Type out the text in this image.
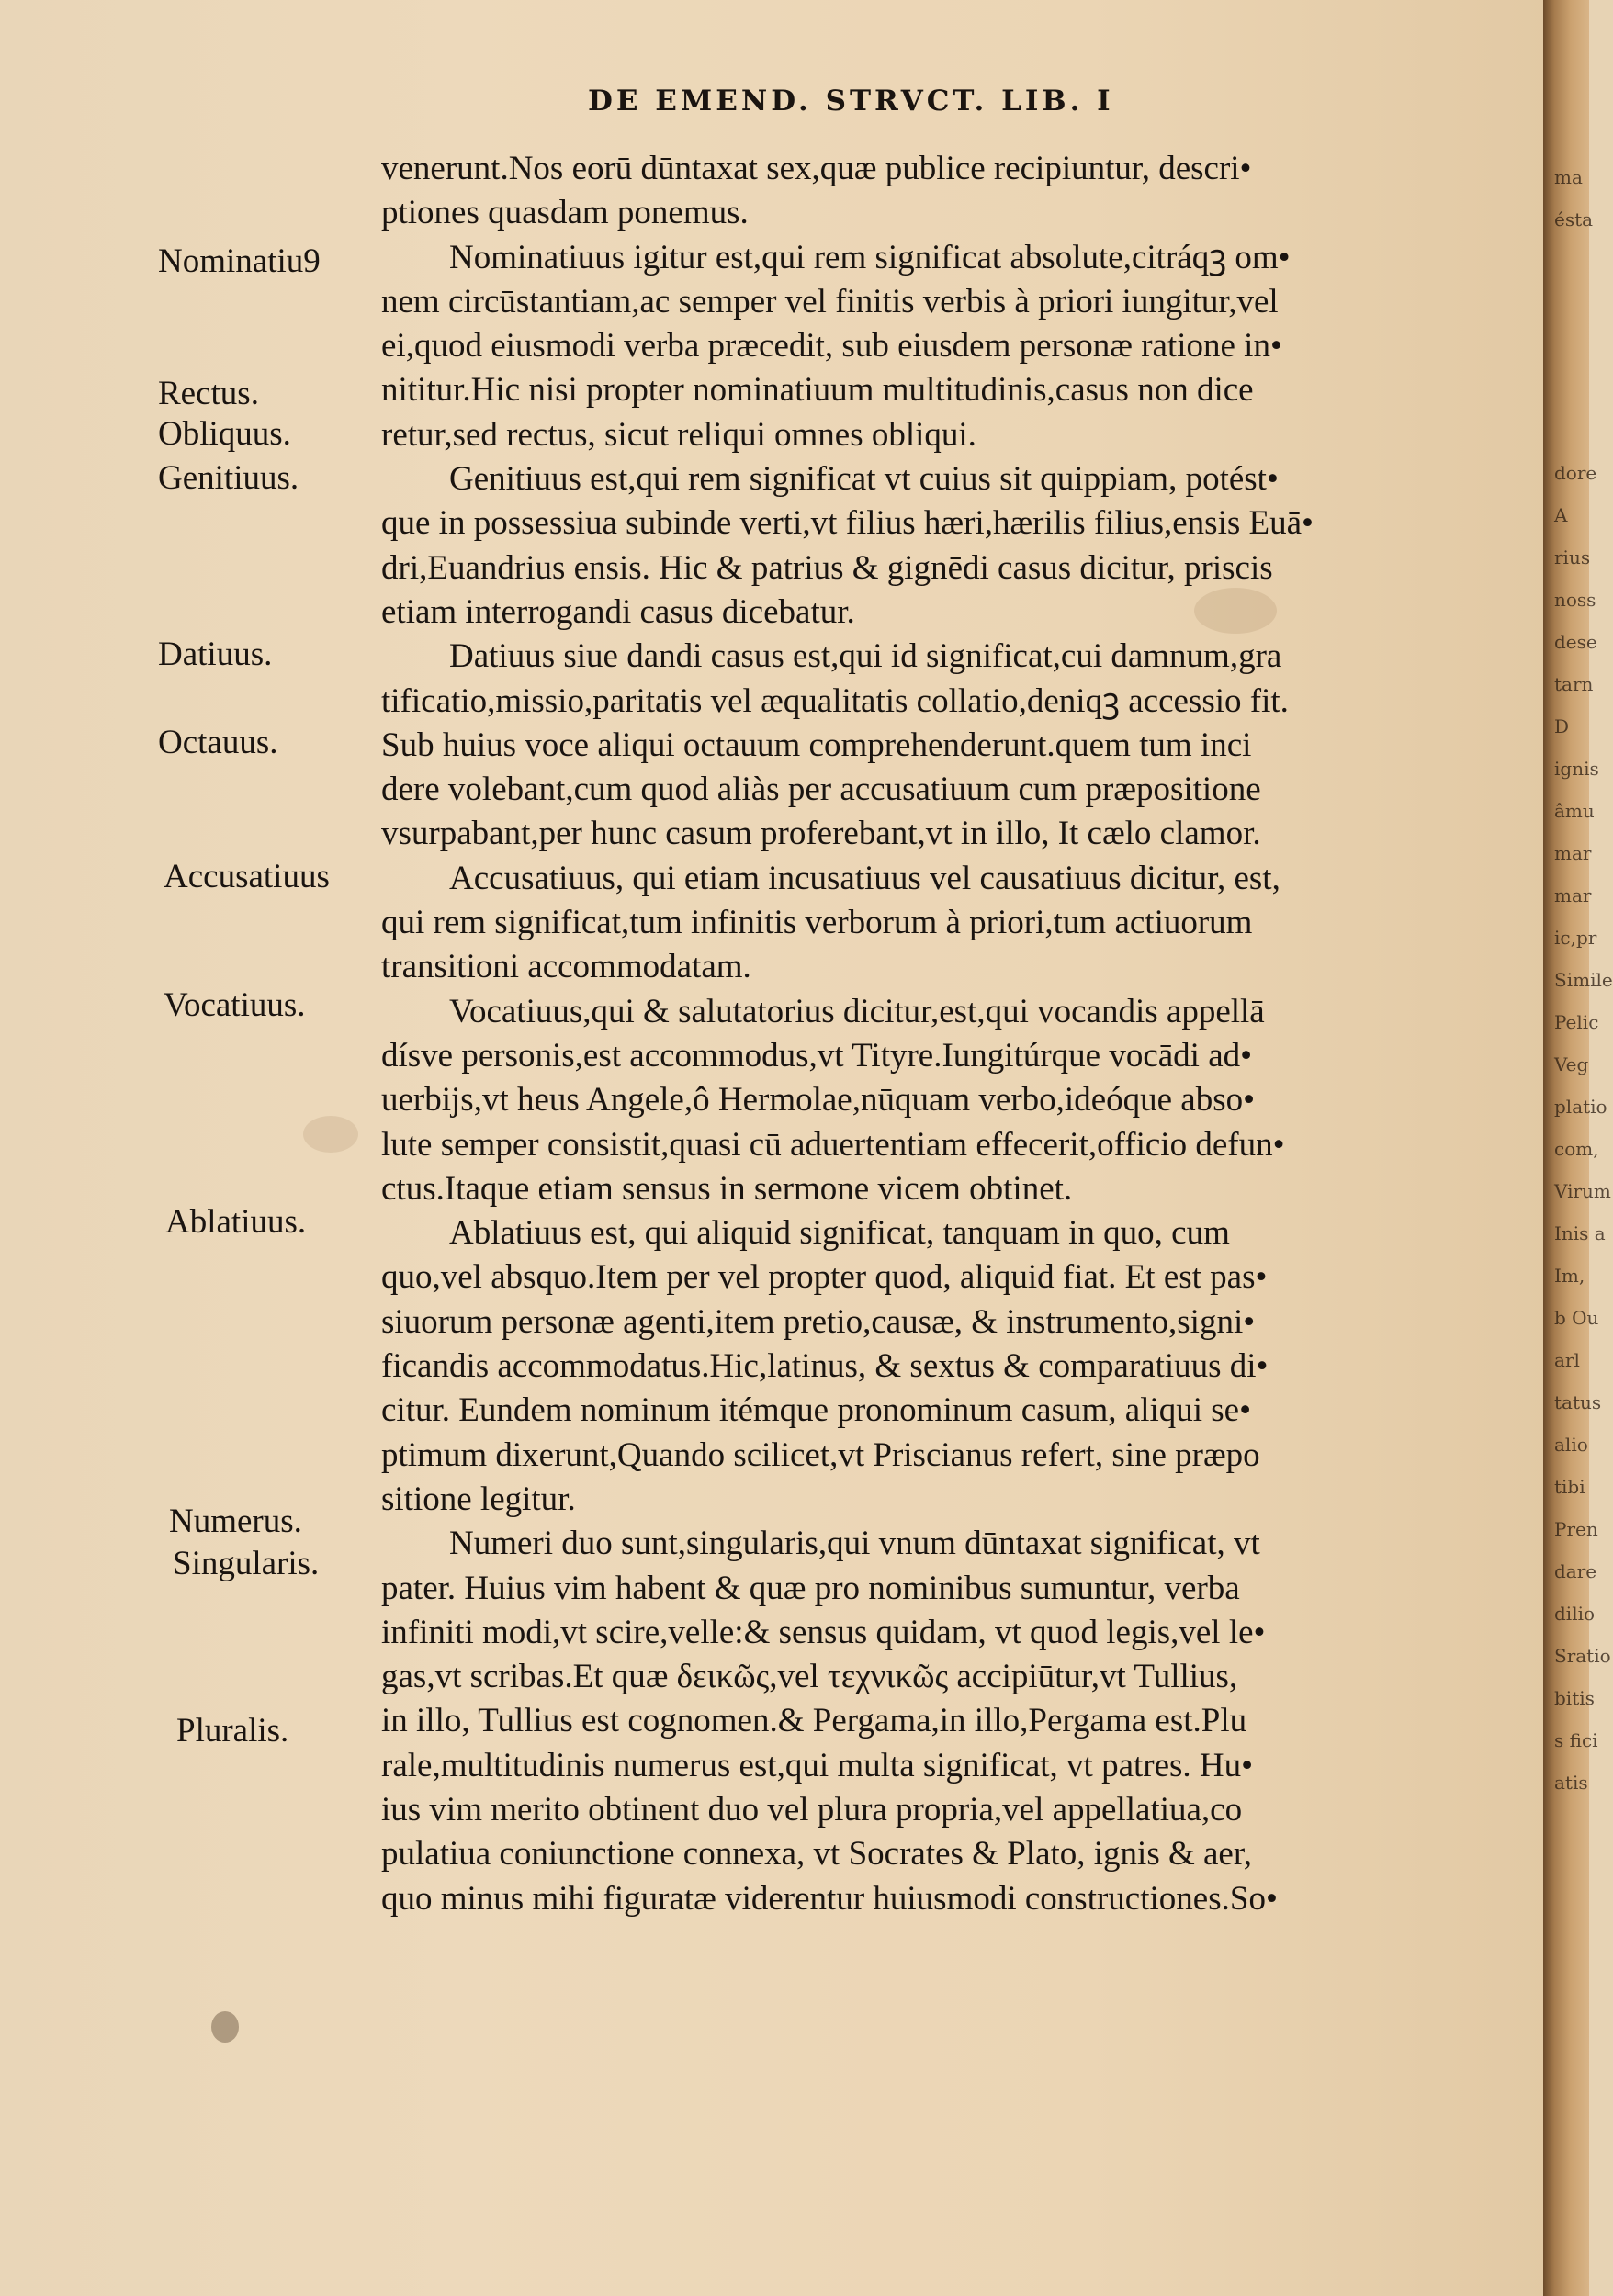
DE EMEND. STRVCT. LIB. I
Nominatiu9
Rectus.
Obliquus.
Genitiuus.
Datiuus.
Octauus.
Accusatiuus
Vocatiuus.
Ablatiuus.
Numerus.
Singularis.
Pluralis.
venerunt.Nos eorū dūntaxat sex,quæ publice recipiuntur, descri•
ptiones quasdam ponemus.
Nominatiuus igitur est,qui rem significat absolute,citráqꝫ om•
nem circūstantiam,ac semper vel finitis verbis à priori iungitur,vel
ei,quod eiusmodi verba præcedit, sub eiusdem personæ ratione in•
nititur.Hic nisi propter nominatiuum multitudinis,casus non dice
retur,sed rectus, sicut reliqui omnes obliqui.
Genitiuus est,qui rem significat vt cuius sit quippiam, potést•
que in possessiua subinde verti,vt filius hæri,hærilis filius,ensis Euā•
dri,Euandrius ensis. Hic & patrius & gignēdi casus dicitur, priscis
etiam interrogandi casus dicebatur.
Datiuus siue dandi casus est,qui id significat,cui damnum,gra
tificatio,missio,paritatis vel æqualitatis collatio,deniqꝫ accessio fit.
Sub huius voce aliqui octauum comprehenderunt.quem tum inci
dere volebant,cum quod aliàs per accusatiuum cum præpositione
vsurpabant,per hunc casum proferebant,vt in illo, It cælo clamor.
Accusatiuus, qui etiam incusatiuus vel causatiuus dicitur, est,
qui rem significat,tum infinitis verborum à priori,tum actiuorum
transitioni accommodatam.
Vocatiuus,qui & salutatorius dicitur,est,qui vocandis appellā
dísve personis,est accommodus,vt Tityre.Iungitúrque vocādi ad•
uerbijs,vt heus Angele,ô Hermolae,nūquam verbo,ideóque abso•
lute semper consistit,quasi cū aduertentiam effecerit,officio defun•
ctus.Itaque etiam sensus in sermone vicem obtinet.
Ablatiuus est, qui aliquid significat, tanquam in quo, cum
quo,vel absquo.Item per vel propter quod, aliquid fiat. Et est pas•
siuorum personæ agenti,item pretio,causæ, & instrumento,signi•
ficandis accommodatus.Hic,latinus, & sextus & comparatiuus di•
citur. Eundem nominum itémque pronominum casum, aliqui se•
ptimum dixerunt,Quando scilicet,vt Priscianus refert, sine præpo
sitione legitur.
Numeri duo sunt,singularis,qui vnum dūntaxat significat, vt
pater. Huius vim habent & quæ pro nominibus sumuntur, verba
infiniti modi,vt scire,velle:& sensus quidam, vt quod legis,vel le•
gas,vt scribas.Et quæ δεικῶς,vel τεχνικῶς accipiūtur,vt Tullius,
in illo, Tullius est cognomen.& Pergama,in illo,Pergama est.Plu
rale,multitudinis numerus est,qui multa significat, vt patres. Hu•
ius vim merito obtinent duo vel plura propria,vel appellatiua,co
pulatiua coniunctione connexa, vt Socrates & Plato, ignis & aer,
quo minus mihi figuratæ viderentur huiusmodi constructiones.So•
ma
ésta
dore
A
rius
noss
dese
tarn
D
ignis
âmu
mar
mar
ic,pr
Simile
Pelic
Veg
platio
com,
Virum
Inis a
Im,
b Ou
arl
tatus
alio
tibi
Pren
dare
dilio
Sratio
bitis
s fici
atis
